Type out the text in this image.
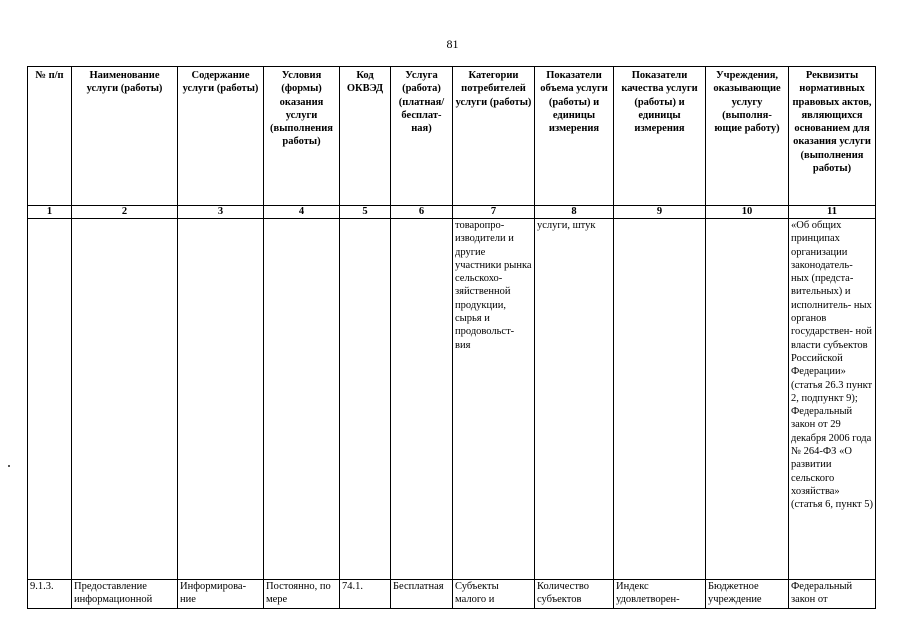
81
№ п/п	Наименование услуги (работы)	Содержание услуги (работы)	Условия (формы) оказания услуги (выполнения работы)	Код ОКВЭД	Услуга (работа) (платная/ бесплат- ная)	Категории потребителей услуги (работы)	Показатели объема услуги (работы) и единицы измерения	Показатели качества услуги (работы) и единицы измерения	Учреждения, оказывающие услугу (выполня- ющие работу)	Реквизиты нормативных правовых актов, являющихся основанием для оказания услуги (выполнения работы)
1	2	3	4	5	6	7	8	9	10	11
						товаропро- изводители и другие участники рынка сельскохо- зяйственной продукции, сырья и продовольст- вия	услуги, штук			«Об общих принципах организации законодатель- ных (предста- вительных) и исполнитель- ных органов государствен- ной власти субъектов Российской Федерации» (статья 26.3 пункт 2, подпункт 9); Федеральный закон от 29 декабря 2006 года № 264-ФЗ «О развитии сельского хозяйства» (статья 6, пункт 5)
9.1.3.	Предоставление информационной	Информирова- ние	Постоянно, по мере	74.1.	Бесплатная	Субъекты малого и	Количество субъектов	Индекс удовлетворен-	Бюджетное учреждение	Федеральный закон от
